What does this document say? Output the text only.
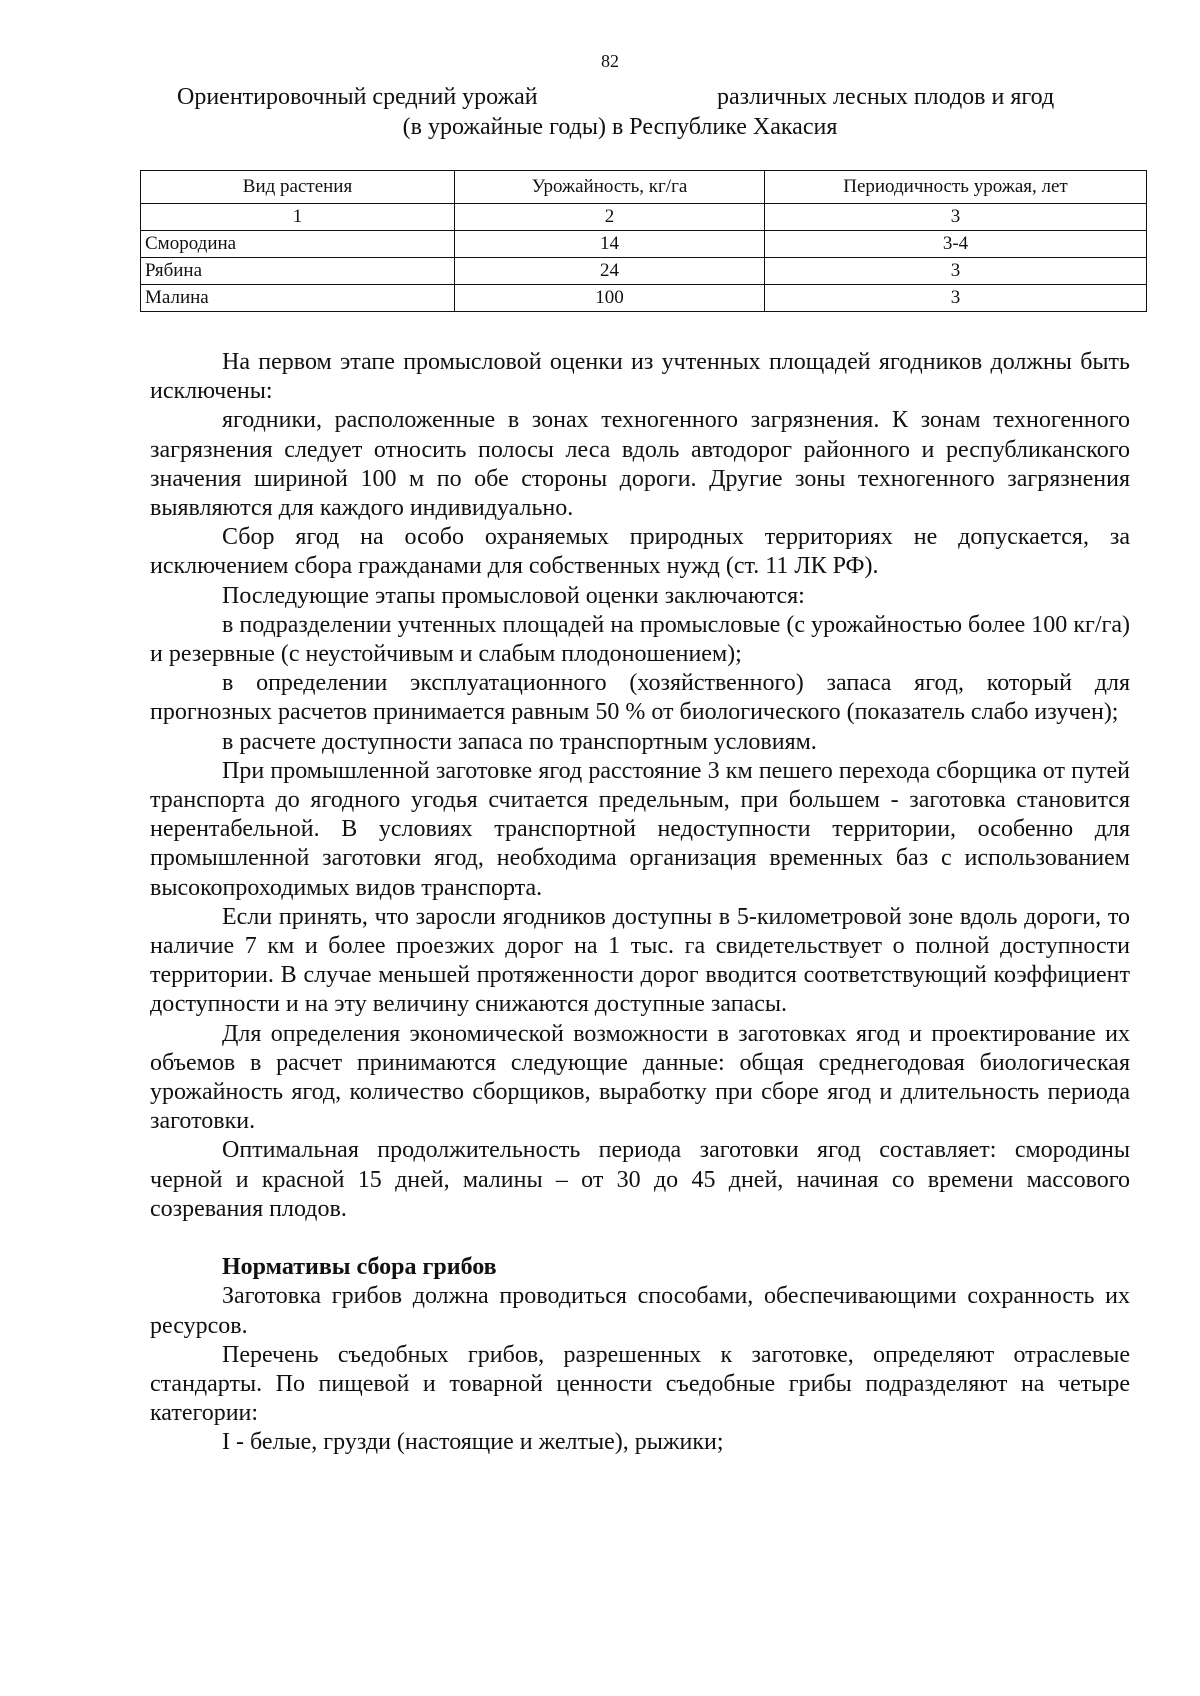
82
Ориентировочный средний урожай	различных лесных плодов и ягод
(в урожайные годы) в Республике Хакасия
Вид растения	Урожайность, кг/га	Периодичность урожая, лет
1	2	3
Смородина	14	3-4
Рябина	24	3
Малина	100	3

На первом этапе промысловой оценки из учтенных площадей ягодников должны быть исключены:

ягодники, расположенные в зонах техногенного загрязнения. К зонам техногенного загрязнения следует относить полосы леса вдоль автодорог районного и республиканского значения шириной 100 м по обе стороны дороги. Другие зоны техногенного загрязнения выявляются для каждого индивидуально.

Сбор ягод на особо охраняемых природных территориях не допускается, за исключением сбора гражданами для собственных нужд (ст. 11 ЛК РФ).

Последующие этапы промысловой оценки заключаются:

в подразделении учтенных площадей на промысловые (с урожайностью более 100 кг/га) и резервные (с неустойчивым и слабым плодоношением);

в определении эксплуатационного (хозяйственного) запаса ягод, который для прогнозных расчетов принимается равным 50 % от биологического (показатель слабо изучен);

в расчете доступности запаса по транспортным условиям.

При промышленной заготовке ягод расстояние 3 км пешего перехода сборщика от путей транспорта до ягодного угодья считается предельным, при большем - заготовка становится нерентабельной. В условиях транспортной недоступности территории, особенно для промышленной заготовки ягод, необходима организация временных баз с использованием высокопроходимых видов транспорта.

Если принять, что заросли ягодников доступны в 5-километровой зоне вдоль дороги, то наличие 7 км и более проезжих дорог на 1 тыс. га свидетельствует о полной доступности территории. В случае меньшей протяженности дорог вводится соответствующий коэффициент доступности и на эту величину снижаются доступные запасы.

Для определения экономической возможности в заготовках ягод и проектирование их объемов в расчет принимаются следующие данные: общая среднегодовая биологическая урожайность ягод, количество сборщиков, выработку при сборе ягод и длительность периода заготовки.

Оптимальная продолжительность периода заготовки ягод составляет: смородины черной и красной 15 дней, малины – от 30 до 45 дней, начиная со времени массового созревания плодов.

Нормативы сбора грибов

Заготовка грибов должна проводиться способами, обеспечивающими сохранность их ресурсов.

Перечень съедобных грибов, разрешенных к заготовке, определяют отраслевые стандарты. По пищевой и товарной ценности съедобные грибы подразделяют на четыре категории:

I - белые, грузди (настоящие и желтые), рыжики;
